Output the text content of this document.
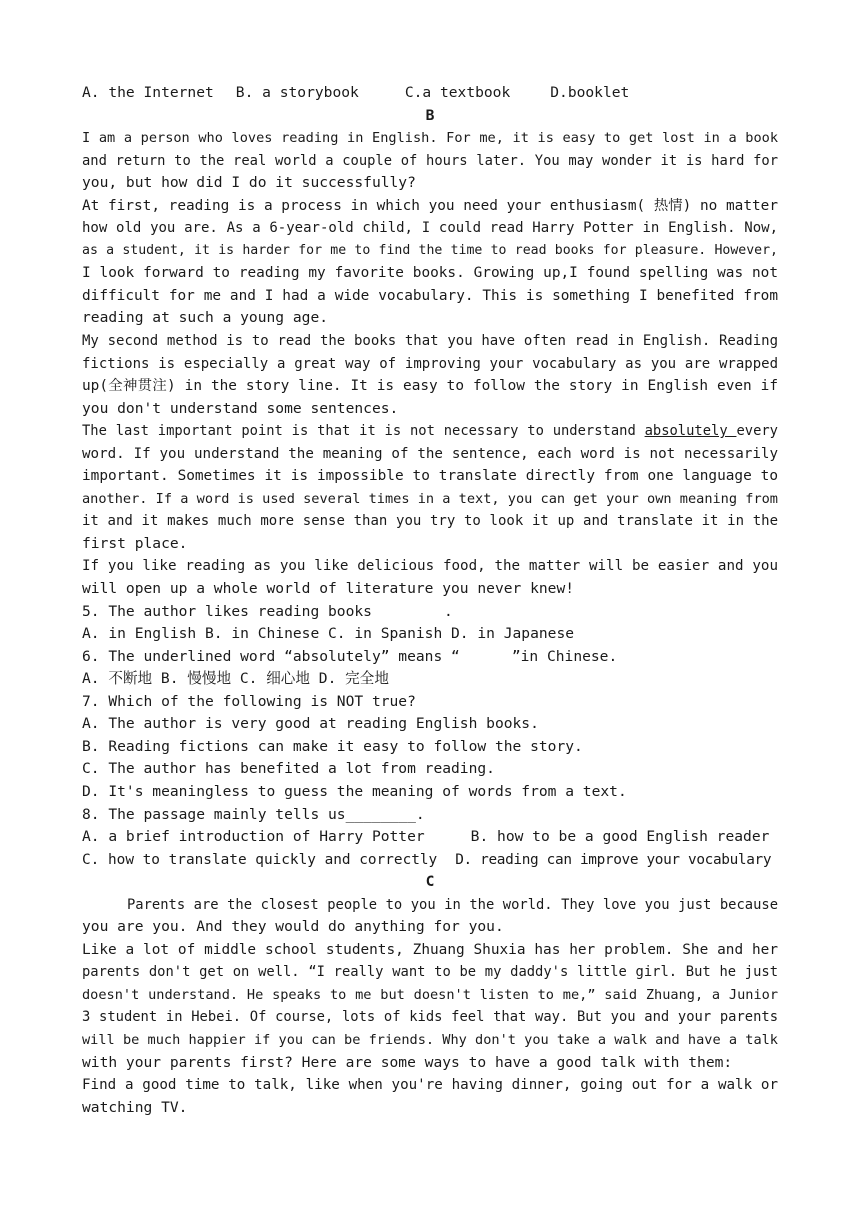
A. the Internet B. a storybook	C.a textbook	D.booklet
B
I am a person who loves reading in English. For me, it is easy to get lost in a book
and return to the real world a couple of hours later. You may wonder it is hard for
you, but how did I do it successfully?
At first, reading is a process in which you need your enthusiasm( 热情) no matter
how old you are. As a 6-year-old child, I could read Harry Potter in English. Now,
as a student, it is harder for me to find the time to read books for pleasure. However,
I look forward to reading my favorite books. Growing up,I found spelling was not
difficult for me and I had a wide vocabulary. This is something I benefited from
reading at such a young age.
My second method is to read the books that you have often read in English. Reading
fictions is especially a great way of improving your vocabulary as you are wrapped
up(全神贯注) in the story line. It is easy to follow the story in English even if
you don't understand some sentences.
The last important point is that it is not necessary to understand absolutely every
word. If you understand the meaning of the sentence, each word is not necessarily
important. Sometimes it is impossible to translate directly from one language to
another. If a word is used several times in a text, you can get your own meaning from
it and it makes much more sense than you try to look it up and translate it in the
first place.
If you like reading as you like delicious food, the matter will be easier and you
will open up a whole world of literature you never knew!
5. The author likes reading books	.
A. in English B. in Chinese C. in Spanish D. in Japanese
6. The underlined word “absolutely” means “	”in Chinese.
A. 不断地 B. 慢慢地 C. 细心地 D. 完全地
7. Which of the following is NOT true?
A. The author is very good at reading English books.
B. Reading fictions can make it easy to follow the story.
C. The author has benefited a lot from reading.
D. It's meaningless to guess the meaning of words from a text.
8. The passage mainly tells us________.
A. a brief introduction of Harry Potter	B. how to be a good English reader
C. how to translate quickly and correctly D. reading can improve your vocabulary
C
Parents are the closest people to you in the world. They love you just because
you are you. And they would do anything for you.
Like a lot of middle school students, Zhuang Shuxia has her problem. She and her
parents don't get on well. “I really want to be my daddy's little girl. But he just
doesn't understand. He speaks to me but doesn't listen to me,” said Zhuang, a Junior
3 student in Hebei. Of course, lots of kids feel that way. But you and your parents
will be much happier if you can be friends. Why don't you take a walk and have a talk
with your parents first? Here are some ways to have a good talk with them:
Find a good time to talk, like when you're having dinner, going out for a walk or
watching TV.
